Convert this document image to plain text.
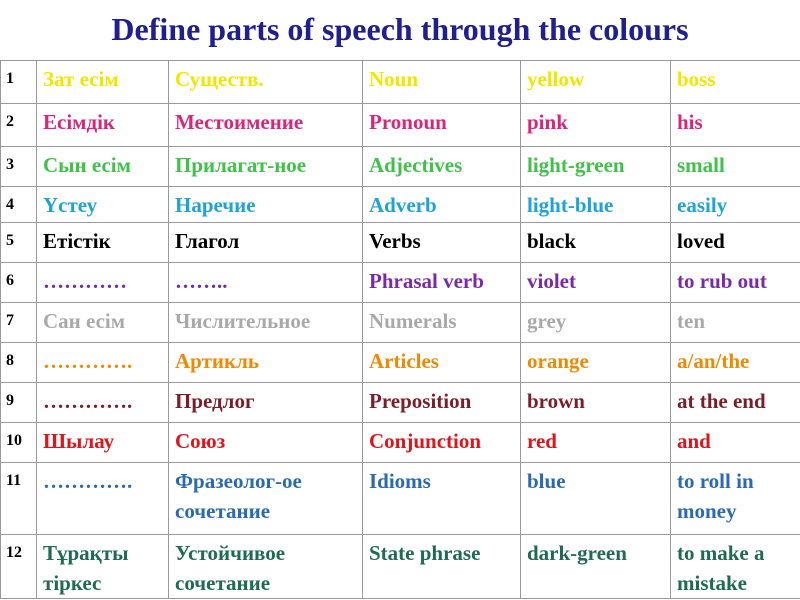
Define parts of speech through the colours
1	Зат есім	Существ.	Noun	yellow	boss
2	Есімдік	Местоимение	Pronoun	pink	his
3	Сын есім	Прилагат-ное	Adjectives	light-green	small
4	Үстеу	Наречие	Adverb	light-blue	easily
5	Етістік	Глагол	Verbs	black	loved
6	…………	……..	Phrasal verb	violet	to rub out
7	Сан есім	Числительное	Numerals	grey	ten
8	………….	Артикль	Articles	orange	a/an/the
9	………….	Предлог	Preposition	brown	at the end
10	Шылау	Союз	Conjunction	red	and
11	………….	Фразеолог-ое сочетание	Idioms	blue	to roll in money
12	Тұрақты тіркес	Устойчивое сочетание	State phrase	dark-green	to make a mistake
